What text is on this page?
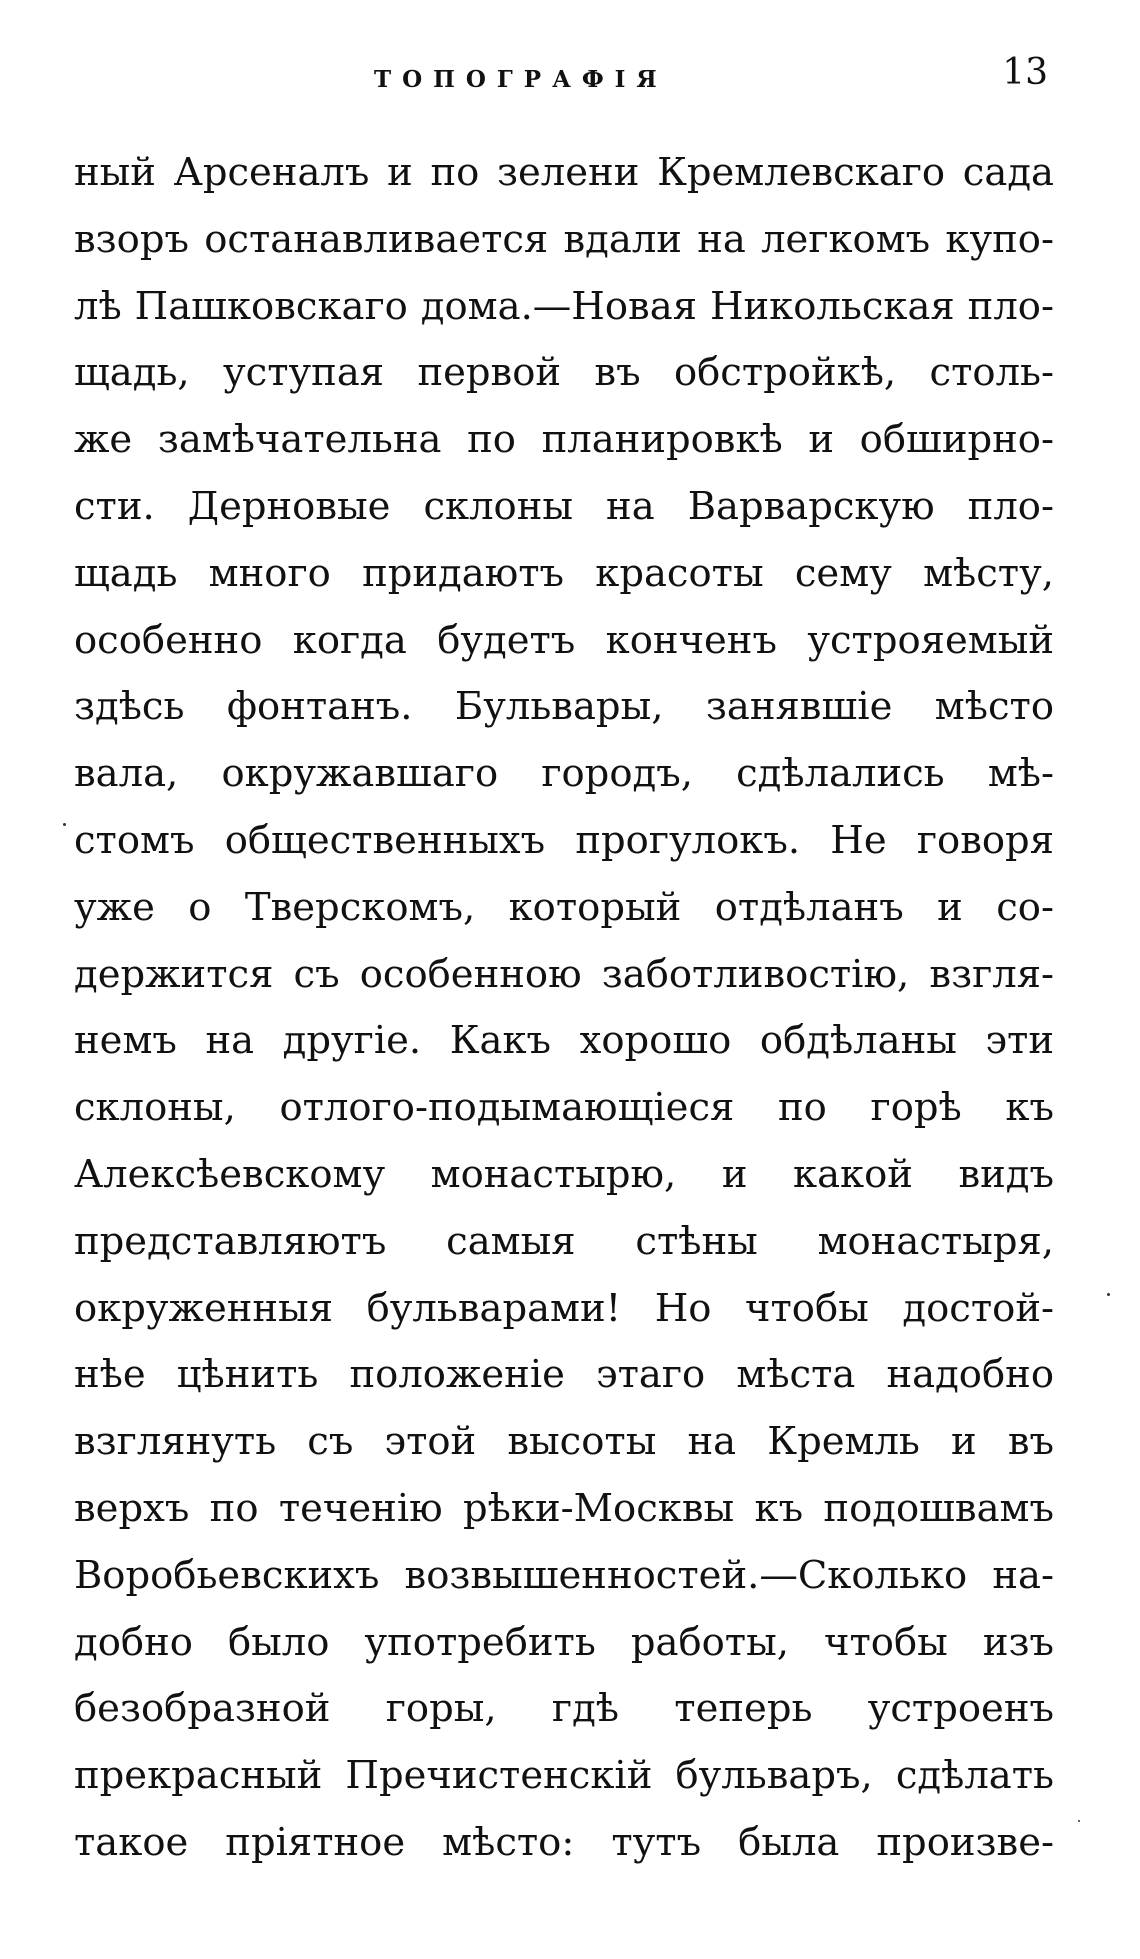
ТОПОГРАФІЯ	13
ный Арсеналъ и по зелени Кремлевскаго сада
взоръ останавливается вдали на легкомъ купо-
лѣ Пашковскаго дома.—Новая Никольская пло-
щадь, уступая первой въ обстройкѣ, столь-
же замѣчательна по планировкѣ и обширно-
сти. Дерновые склоны на Варварскую пло-
щадь много придаютъ красоты сему мѣсту,
особенно когда будетъ конченъ устрояемый
здѣсь фонтанъ. Бульвары, занявшіе мѣсто
вала, окружавшаго городъ, сдѣлались мѣ-
стомъ общественныхъ прогулокъ. Не говоря
уже о Тверскомъ, который отдѣланъ и со-
держится съ особенною заботливостію, взгля-
немъ на другіе. Какъ хорошо обдѣланы эти
склоны, отлого-подымающіеся по горѣ къ
Алексѣевскому монастырю, и какой видъ
представляютъ самыя стѣны монастыря,
окруженныя бульварами! Но чтобы достой-
нѣе цѣнить положеніе этаго мѣста надобно
взглянуть съ этой высоты на Кремль и въ
верхъ по теченію рѣки-Москвы къ подошвамъ
Воробьевскихъ возвышенностей.—Сколько на-
добно было употребить работы, чтобы изъ
безобразной горы, гдѣ теперь устроенъ
прекрасный Пречистенскій бульваръ, сдѣлать
такое пріятное мѣсто: тутъ была произве-
